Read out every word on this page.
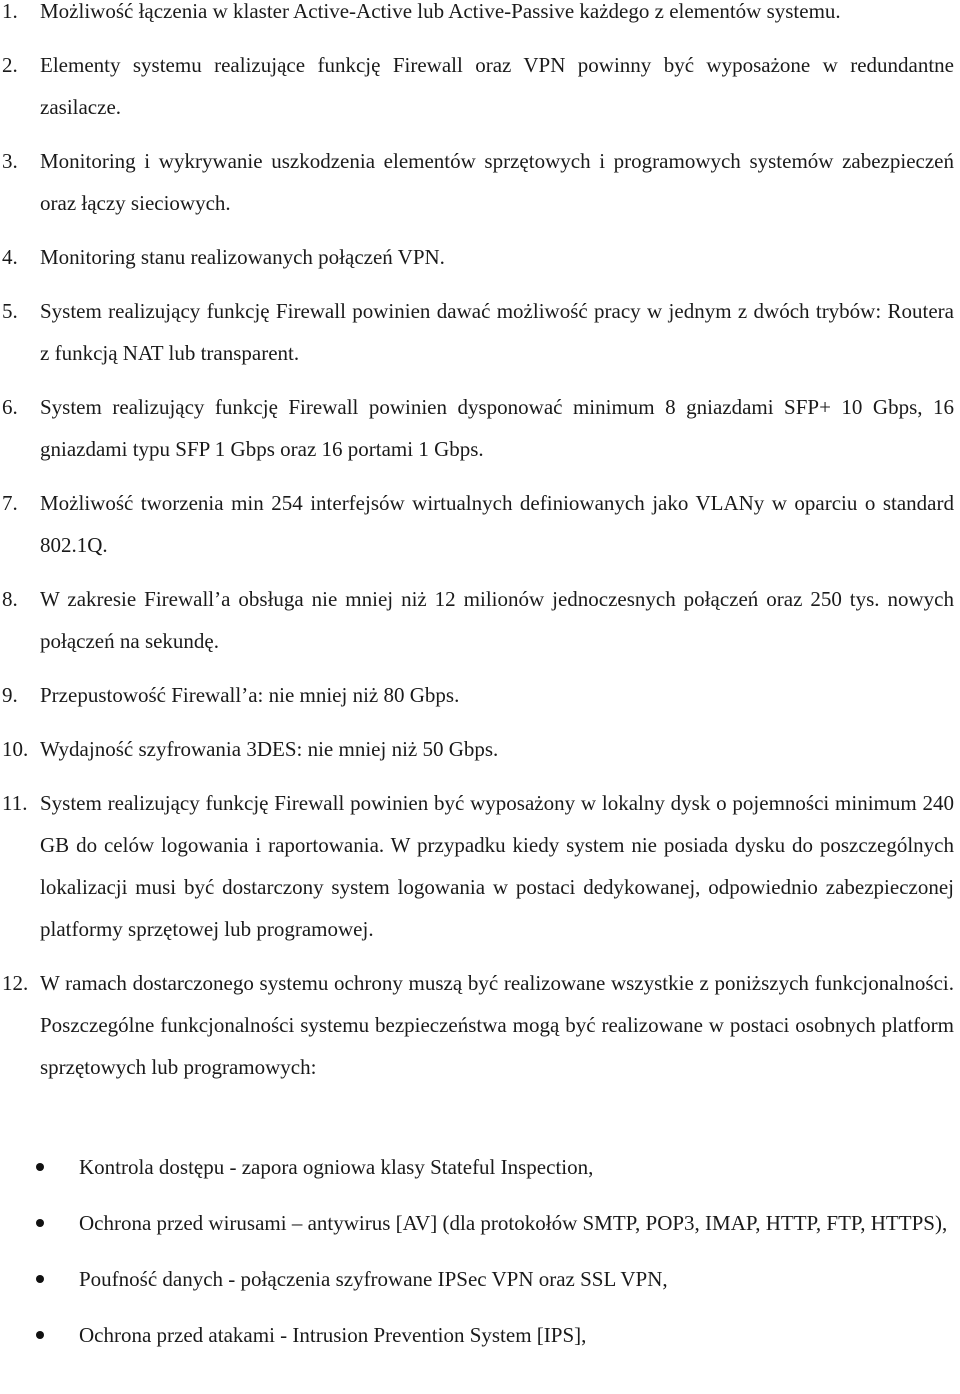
1. Możliwość łączenia w klaster Active-Active lub Active-Passive każdego z elementów systemu.
2. Elementy systemu realizujące funkcję Firewall oraz VPN powinny być wyposażone w redundantne zasilacze.
3. Monitoring i wykrywanie uszkodzenia elementów sprzętowych i programowych systemów zabezpieczeń oraz łączy sieciowych.
4. Monitoring stanu realizowanych połączeń VPN.
5. System realizujący funkcję Firewall powinien dawać możliwość pracy w jednym z dwóch trybów: Routera z funkcją NAT lub transparent.
6. System realizujący funkcję Firewall powinien dysponować minimum 8 gniazdami SFP+ 10 Gbps, 16 gniazdami typu SFP 1 Gbps oraz 16 portami 1 Gbps.
7. Możliwość tworzenia min 254 interfejsów wirtualnych definiowanych jako VLANy w oparciu o standard 802.1Q.
8. W zakresie Firewall’a obsługa nie mniej niż 12 milionów jednoczesnych połączeń oraz 250 tys. nowych połączeń na sekundę.
9. Przepustowość Firewall’a: nie mniej niż 80 Gbps.
10. Wydajność szyfrowania 3DES: nie mniej niż 50 Gbps.
11. System realizujący funkcję Firewall powinien być wyposażony w lokalny dysk o pojemności minimum 240 GB do celów logowania i raportowania. W przypadku kiedy system nie posiada dysku do poszczególnych lokalizacji musi być dostarczony system logowania w postaci dedykowanej, odpowiednio zabezpieczonej platformy sprzętowej lub programowej.
12. W ramach dostarczonego systemu ochrony muszą być realizowane wszystkie z poniższych funkcjonalności. Poszczególne funkcjonalności systemu bezpieczeństwa mogą być realizowane w postaci osobnych platform sprzętowych lub programowych:
Kontrola dostępu - zapora ogniowa klasy Stateful Inspection,
Ochrona przed wirusami – antywirus [AV] (dla protokołów SMTP, POP3, IMAP, HTTP, FTP, HTTPS),
Poufność danych - połączenia szyfrowane IPSec VPN oraz SSL VPN,
Ochrona przed atakami - Intrusion Prevention System [IPS],
